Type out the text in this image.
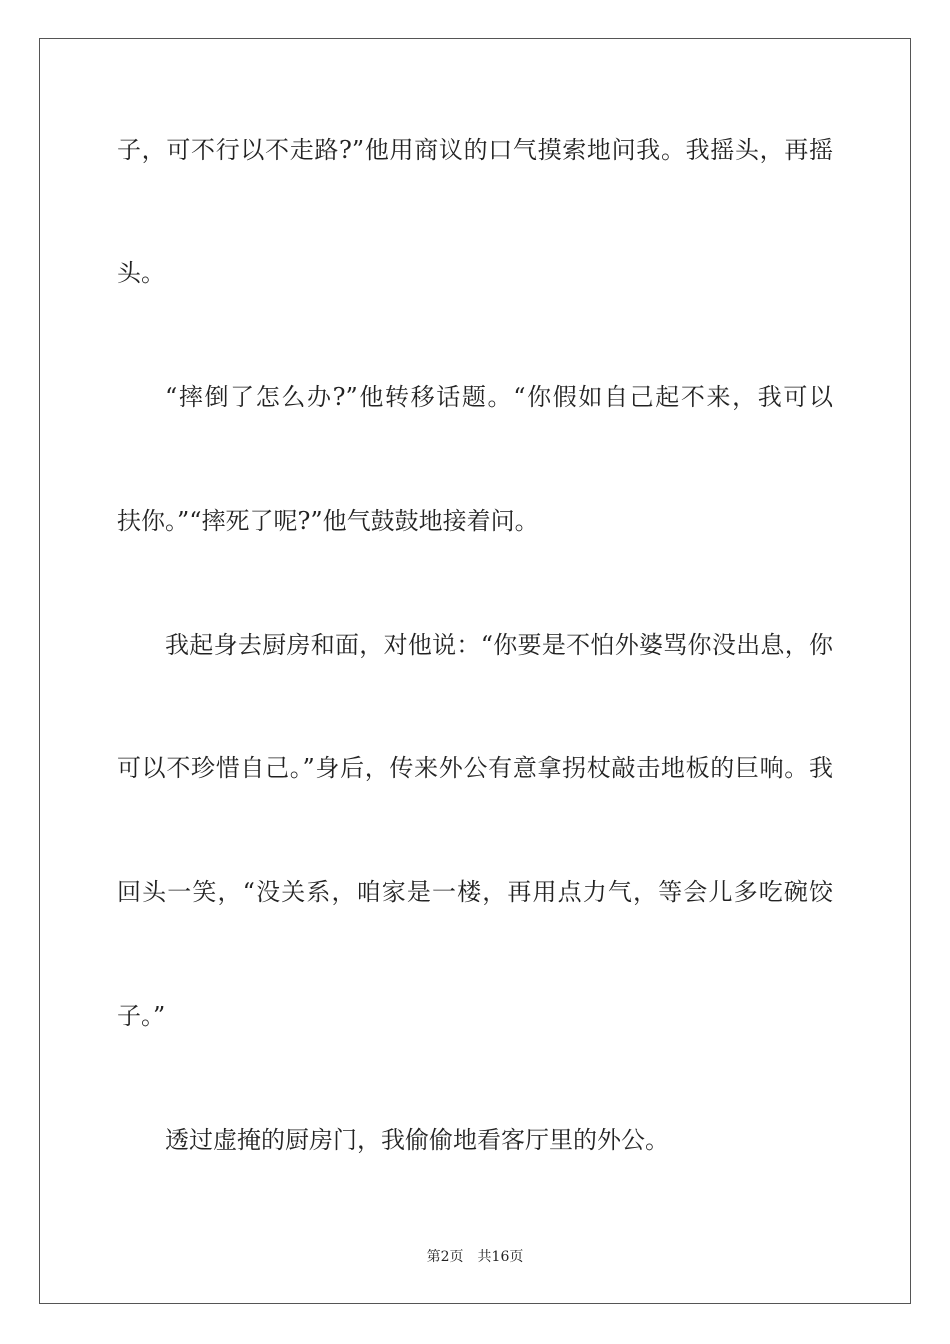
子，可不行以不走路?”他用商议的口气摸索地问我。我摇头，再摇
头。
“摔倒了怎么办?”他转移话题。“你假如自己起不来，我可以
扶你。”“摔死了呢?”他气鼓鼓地接着问。
我起身去厨房和面，对他说：“你要是不怕外婆骂你没出息，你
可以不珍惜自己。”身后，传来外公有意拿拐杖敲击地板的巨响。我
回头一笑，“没关系，咱家是一楼，再用点力气，等会儿多吃碗饺
子。”
透过虚掩的厨房门，我偷偷地看客厅里的外公。
第2页 共16页
